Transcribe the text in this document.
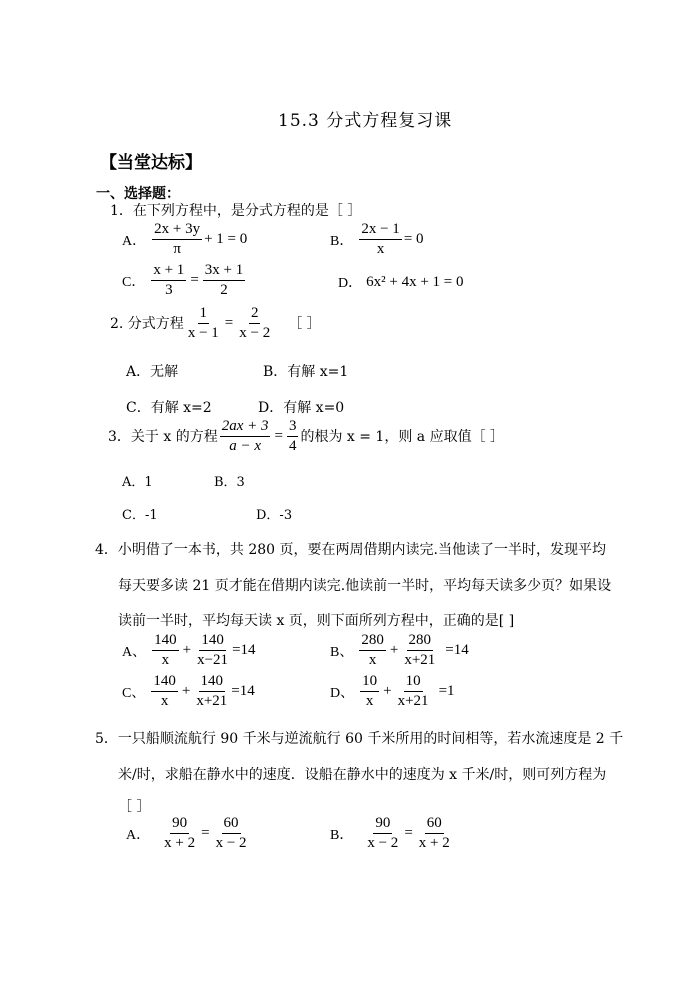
15.3 分式方程复习课
【当堂达标】
一、选择题：
1．在下列方程中，是分式方程的是［ ］
A． $\frac{2x + 3y}{\pi} + 1 = 0$	B． $\frac{2x - 1}{x} = 0$
C． $\frac{x + 1}{3} = \frac{3x + 1}{2}$	D． 6x² + 4x + 1 = 0
2. 分式方程 $\frac{1}{x - 1} = \frac{2}{x - 2}$ ［ ］
A．无解	B．有解 x=1
C．有解 x=2	D．有解 x=0
3．关于 x 的方程 $\frac{2ax + 3}{a - x} = \frac{3}{4}$ 的根为 x = 1，则 a 应取值［ ］
A．1	B．3
C．-1	D．-3
4．小明借了一本书，共 280 页，要在两周借期内读完.当他读了一半时，发现平均
每天要多读 21 页才能在借期内读完.他读前一半时，平均每天读多少页？如果设
读前一半时，平均每天读 x 页，则下面所列方程中，正确的是[ ]
A、 $\frac{140}{x} + \frac{140}{x-21} =14$	B、 $\frac{280}{x} + \frac{280}{x+21} =14$
C、 $\frac{140}{x} + \frac{140}{x+21} =14$	D、 $\frac{10}{x} + \frac{10}{x+21} =1$
5．一只船顺流航行 90 千米与逆流航行 60 千米所用的时间相等，若水流速度是 2 千
米/时，求船在静水中的速度．设船在静水中的速度为 x 千米/时，则可列方程为
［ ］
A． $\frac{90}{x + 2} = \frac{60}{x - 2}$	B． $\frac{90}{x - 2} = \frac{60}{x + 2}$
